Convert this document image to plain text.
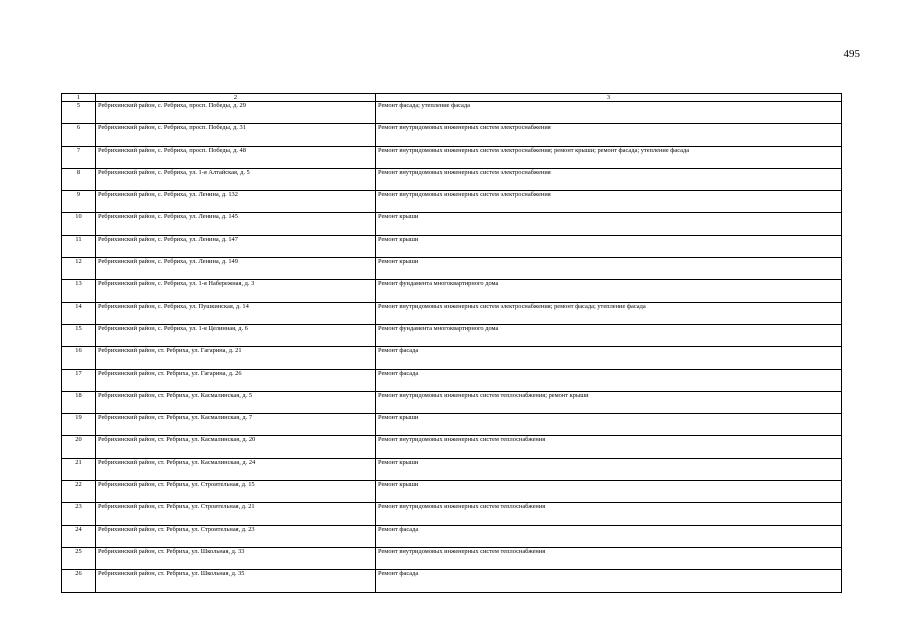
495
1	2	3
5	Ребрихинский район, с. Ребриха, просп. Победы, д. 29	Ремонт фасада; утепление фасада
6	Ребрихинский район, с. Ребриха, просп. Победы, д. 31	Ремонт внутридомовых инженерных систем электроснабжения
7	Ребрихинский район, с. Ребриха, просп. Победы, д. 48	Ремонт внутридомовых инженерных систем электроснабжения; ремонт крыши; ремонт фасада; утепление фасада
8	Ребрихинский район, с. Ребриха, ул. 1-я Алтайская, д. 5	Ремонт внутридомовых инженерных систем электроснабжения
9	Ребрихинский район, с. Ребриха, ул. Ленина, д. 132	Ремонт внутридомовых инженерных систем электроснабжения
10	Ребрихинский район, с. Ребриха, ул. Ленина, д. 145	Ремонт крыши
11	Ребрихинский район, с. Ребриха, ул. Ленина, д. 147	Ремонт крыши
12	Ребрихинский район, с. Ребриха, ул. Ленина, д. 149	Ремонт крыши
13	Ребрихинский район, с. Ребриха, ул. 1-я Набережная, д. 3	Ремонт фундамента многоквартирного дома
14	Ребрихинский район, с. Ребриха, ул. Пушкинская, д. 14	Ремонт внутридомовых инженерных систем электроснабжения; ремонт фасада; утепление фасада
15	Ребрихинский район, с. Ребриха, ул. 1-я Целинная, д. 6	Ремонт фундамента многоквартирного дома
16	Ребрихинский район, ст. Ребриха, ул. Гагарина, д. 21	Ремонт фасада
17	Ребрихинский район, ст. Ребриха, ул. Гагарина, д. 26	Ремонт фасада
18	Ребрихинский район, ст. Ребриха, ул. Касмалинская, д. 5	Ремонт внутридомовых инженерных систем теплоснабжения; ремонт крыши
19	Ребрихинский район, ст. Ребриха, ул. Касмалинская, д. 7	Ремонт крыши
20	Ребрихинский район, ст. Ребриха, ул. Касмалинская, д. 20	Ремонт внутридомовых инженерных систем теплоснабжения
21	Ребрихинский район, ст. Ребриха, ул. Касмалинская, д. 24	Ремонт крыши
22	Ребрихинский район, ст. Ребриха, ул. Строительная, д. 15	Ремонт крыши
23	Ребрихинский район, ст. Ребриха, ул. Строительная, д. 21	Ремонт внутридомовых инженерных систем теплоснабжения
24	Ребрихинский район, ст. Ребриха, ул. Строительная, д. 23	Ремонт фасада
25	Ребрихинский район, ст. Ребриха, ул. Школьная, д. 33	Ремонт внутридомовых инженерных систем теплоснабжения
26	Ребрихинский район, ст. Ребриха, ул. Школьная, д. 35	Ремонт фасада
